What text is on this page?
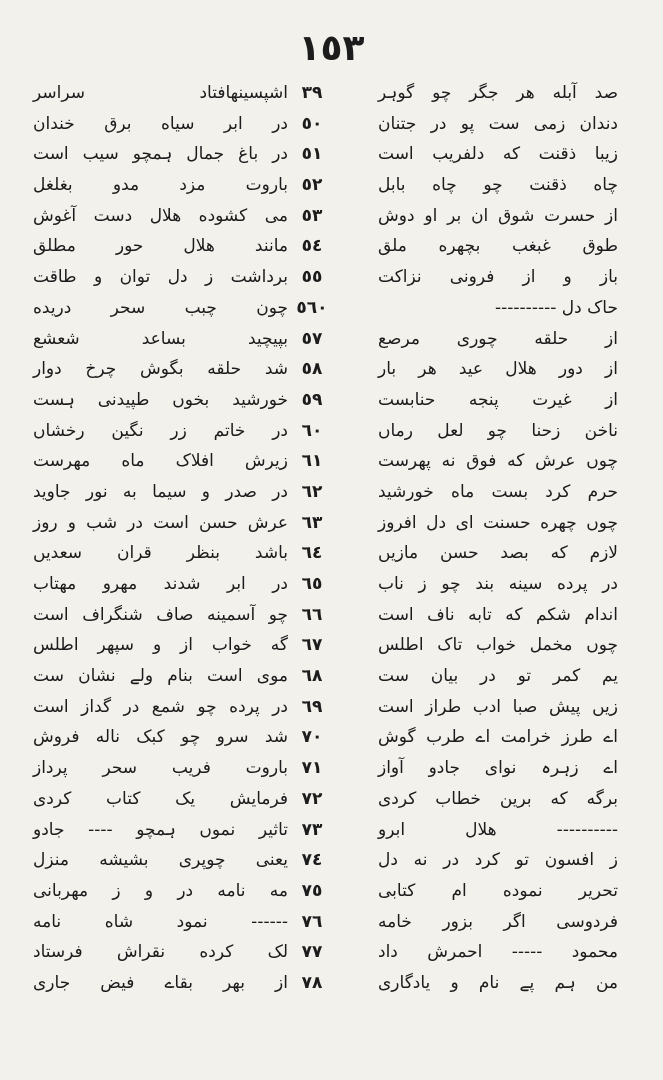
١٥٣
اشپسینهافتاد سراسر ٣٩	صد آبله هر جگر چو گوہر
در ابر سیاه برق خندان ٥٠	دندان زمی ست پو در جتنان
در باغ جمال ہمچو سیب است ٥١	زیبا ذقنت که دلفریب است
باروت مزد مدو بغلغل ٥٢	چاه ذقنت چو چاه بابل
می کشوده هلال دست آغوش ٥٣	از حسرت شوق ان بر او دوش
مانند هلال حور مطلق ٥٤	طوق غبغب بچهره ملق
برداشت ز دل توان و طاقت ٥٥	باز و از فرونی نزاکت
چون چبب سحر دریده ٥٦٠	حاک دل ----------
بپیچید بساعد شعشع ٥٧	از حلقه چوری مرصع
شد حلقه بگوش چرخ دوار ٥٨	از دور هلال عید هر بار
خورشید بخوں طپیدنی ہست ٥٩	از غیرت پنجه حنابست
در خاتم زر نگین رخشاں ٦٠	ناخن زحنا چو لعل رماں
زیرش افلاک ماه مهرست ٦١	چوں عرش که فوق نه پهرست
در صدر و سیما به نور جاوید ٦٢	حرم کرد بست ماه خورشید
عرش حسن است در شب و روز ٦٣	چوں چهره حسنت ای دل افروز
باشد بنظر قران سعدیں ٦٤	لازم که بصد حسن مازیں
در ابر شدند مهرو مهتاب ٦٥	در پرده سینه بند چو ز ناب
چو آسمینه صاف شنگراف است ٦٦	اندام شکم که تابه ناف است
گه خواب از و سپهر اطلس ٦٧	چوں مخمل خواب تاک اطلس
موی است بنام ولے نشان ست ٦٨	یم کمر تو در بیان ست
در پرده چو شمع در گداز است ٦٩	زیں پیش صبا ادب طراز است
شد سرو چو کبک ناله فروش ٧٠	اے طرز خرامت اے طرب گوش
باروت فریب سحر پرداز ٧١	اے زہرہ نوای جادو آواز
فرمایش یک کتاب کردی ٧٢	برگه که برین خطاب کردی
تاثیر نموں ہمچو ---- جادو ٧٣	---------- هلال ابرو
یعنی چوپری بشیشه منزل ٧٤	ز افسون تو کرد در نه دل
مه نامه در و ز مهربانی ٧٥	تحریر نموده ام کتابی
------ نمود شاه نامه ٧٦	فردوسی اگر بزور خامه
لک کرده نقراش فرستاد ٧٧	محمود ----- احمرش داد
از بهر بقاے فیض جاری ٧٨	من ہم پے نام و یادگاری
